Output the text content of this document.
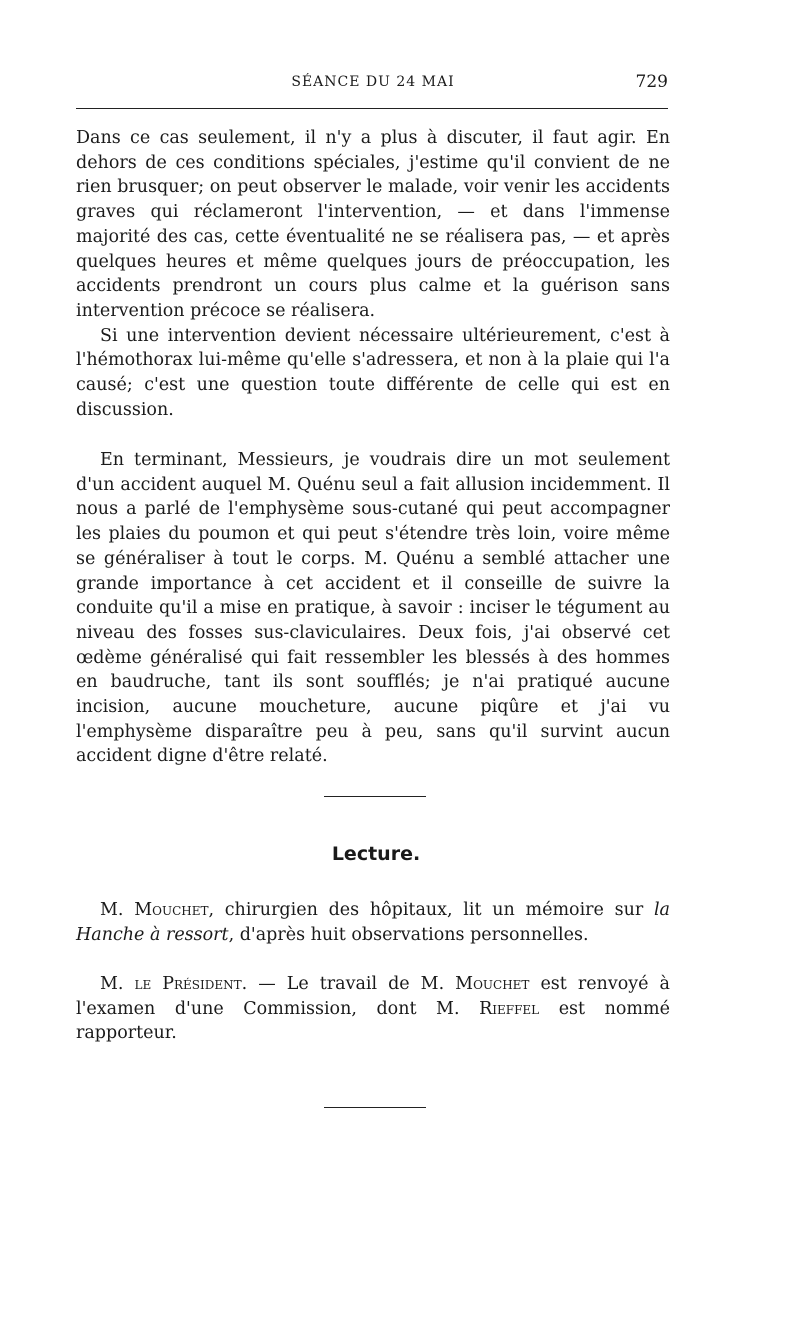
SÉANCE DU 24 MAI	729

Dans ce cas seulement, il n'y a plus à discuter, il faut agir. En dehors de ces conditions spéciales, j'estime qu'il convient de ne rien brusquer; on peut observer le malade, voir venir les accidents graves qui réclameront l'intervention, — et dans l'immense majorité des cas, cette éventualité ne se réalisera pas, — et après quelques heures et même quelques jours de préoccupation, les accidents prendront un cours plus calme et la guérison sans intervention précoce se réalisera.

Si une intervention devient nécessaire ultérieurement, c'est à l'hémothorax lui-même qu'elle s'adressera, et non à la plaie qui l'a causé; c'est une question toute différente de celle qui est en discussion.

En terminant, Messieurs, je voudrais dire un mot seulement d'un accident auquel M. Quénu seul a fait allusion incidemment. Il nous a parlé de l'emphysème sous-cutané qui peut accompagner les plaies du poumon et qui peut s'étendre très loin, voire même se généraliser à tout le corps. M. Quénu a semblé attacher une grande importance à cet accident et il conseille de suivre la conduite qu'il a mise en pratique, à savoir : inciser le tégument au niveau des fosses sus-claviculaires. Deux fois, j'ai observé cet œdème généralisé qui fait ressembler les blessés à des hommes en baudruche, tant ils sont soufflés; je n'ai pratiqué aucune incision, aucune moucheture, aucune piqûre et j'ai vu l'emphysème disparaître peu à peu, sans qu'il survint aucun accident digne d'être relaté.

Lecture.

M. Mouchet, chirurgien des hôpitaux, lit un mémoire sur la Hanche à ressort, d'après huit observations personnelles.

M. le Président. — Le travail de M. Mouchet est renvoyé à l'examen d'une Commission, dont M. Rieffel est nommé rapporteur.
